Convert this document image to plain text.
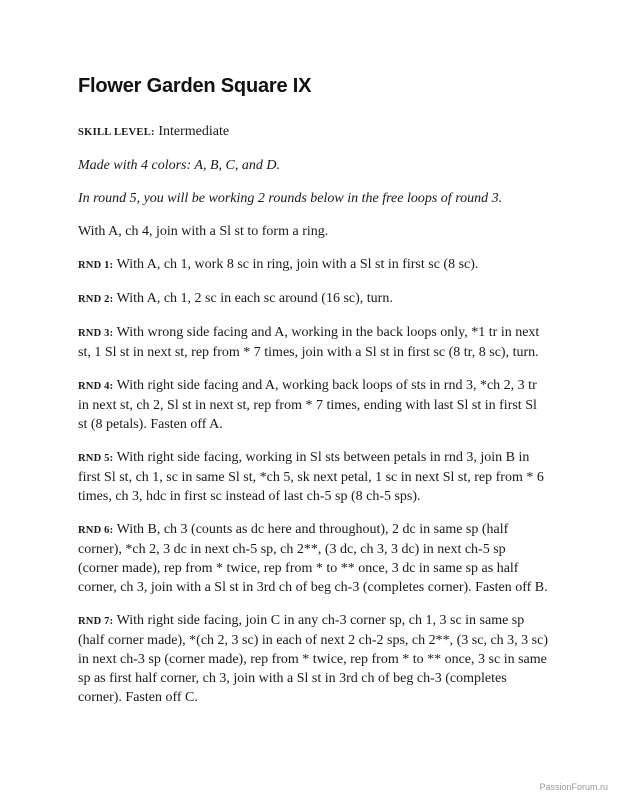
Flower Garden Square IX

SKILL LEVEL: Intermediate

Made with 4 colors: A, B, C, and D.

In round 5, you will be working 2 rounds below in the free loops of round 3.

With A, ch 4, join with a Sl st to form a ring.

RND 1: With A, ch 1, work 8 sc in ring, join with a Sl st in first sc (8 sc).

RND 2: With A, ch 1, 2 sc in each sc around (16 sc), turn.

RND 3: With wrong side facing and A, working in the back loops only, *1 tr in next st, 1 Sl st in next st, rep from * 7 times, join with a Sl st in first sc (8 tr, 8 sc), turn.

RND 4: With right side facing and A, working back loops of sts in rnd 3, *ch 2, 3 tr in next st, ch 2, Sl st in next st, rep from * 7 times, ending with last Sl st in first Sl st (8 petals). Fasten off A.

RND 5: With right side facing, working in Sl sts between petals in rnd 3, join B in first Sl st, ch 1, sc in same Sl st, *ch 5, sk next petal, 1 sc in next Sl st, rep from * 6 times, ch 3, hdc in first sc instead of last ch-5 sp (8 ch-5 sps).

RND 6: With B, ch 3 (counts as dc here and throughout), 2 dc in same sp (half corner), *ch 2, 3 dc in next ch-5 sp, ch 2**, (3 dc, ch 3, 3 dc) in next ch-5 sp (corner made), rep from * twice, rep from * to ** once, 3 dc in same sp as half corner, ch 3, join with a Sl st in 3rd ch of beg ch-3 (completes corner). Fasten off B.

RND 7: With right side facing, join C in any ch-3 corner sp, ch 1, 3 sc in same sp (half corner made), *(ch 2, 3 sc) in each of next 2 ch-2 sps, ch 2**, (3 sc, ch 3, 3 sc) in next ch-3 sp (corner made), rep from * twice, rep from * to ** once, 3 sc in same sp as first half corner, ch 3, join with a Sl st in 3rd ch of beg ch-3 (completes corner). Fasten off C.

PassionForum.ru
